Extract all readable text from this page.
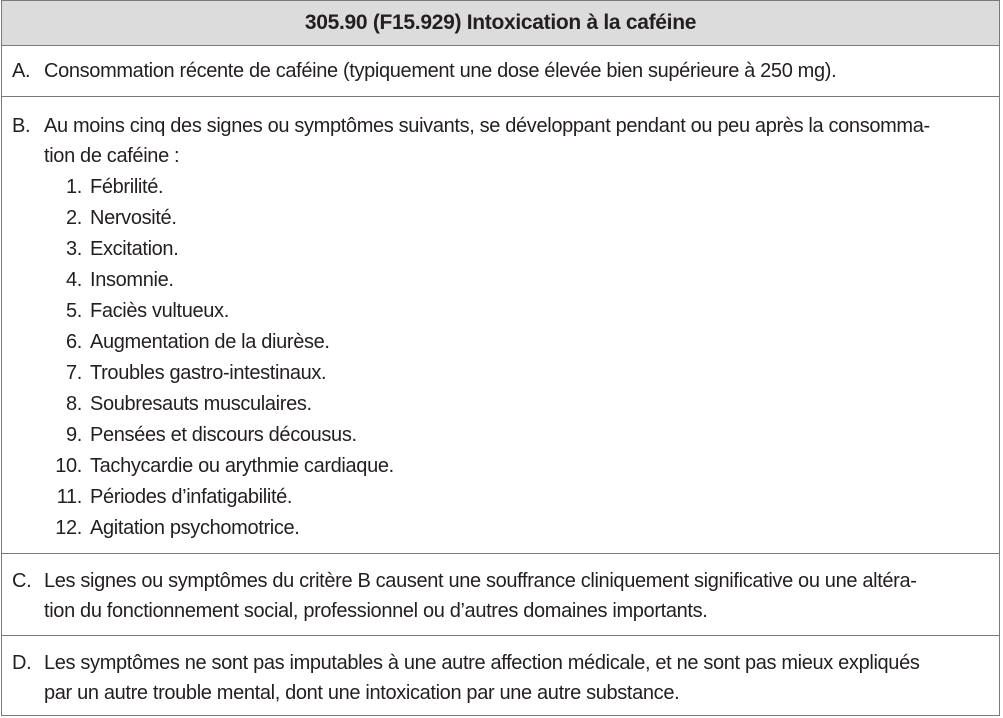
305.90 (F15.929) Intoxication à la caféine
A. Consommation récente de caféine (typiquement une dose élevée bien supérieure à 250 mg).
B. Au moins cinq des signes ou symptômes suivants, se développant pendant ou peu après la consomma-
tion de caféine :
1. Fébrilité.
2. Nervosité.
3. Excitation.
4. Insomnie.
5. Faciès vultueux.
6. Augmentation de la diurèse.
7. Troubles gastro-intestinaux.
8. Soubresauts musculaires.
9. Pensées et discours décousus.
10. Tachycardie ou arythmie cardiaque.
11. Périodes d’infatigabilité.
12. Agitation psychomotrice.
C. Les signes ou symptômes du critère B causent une souffrance cliniquement significative ou une altéra-
tion du fonctionnement social, professionnel ou d’autres domaines importants.
D. Les symptômes ne sont pas imputables à une autre affection médicale, et ne sont pas mieux expliqués
par un autre trouble mental, dont une intoxication par une autre substance.
